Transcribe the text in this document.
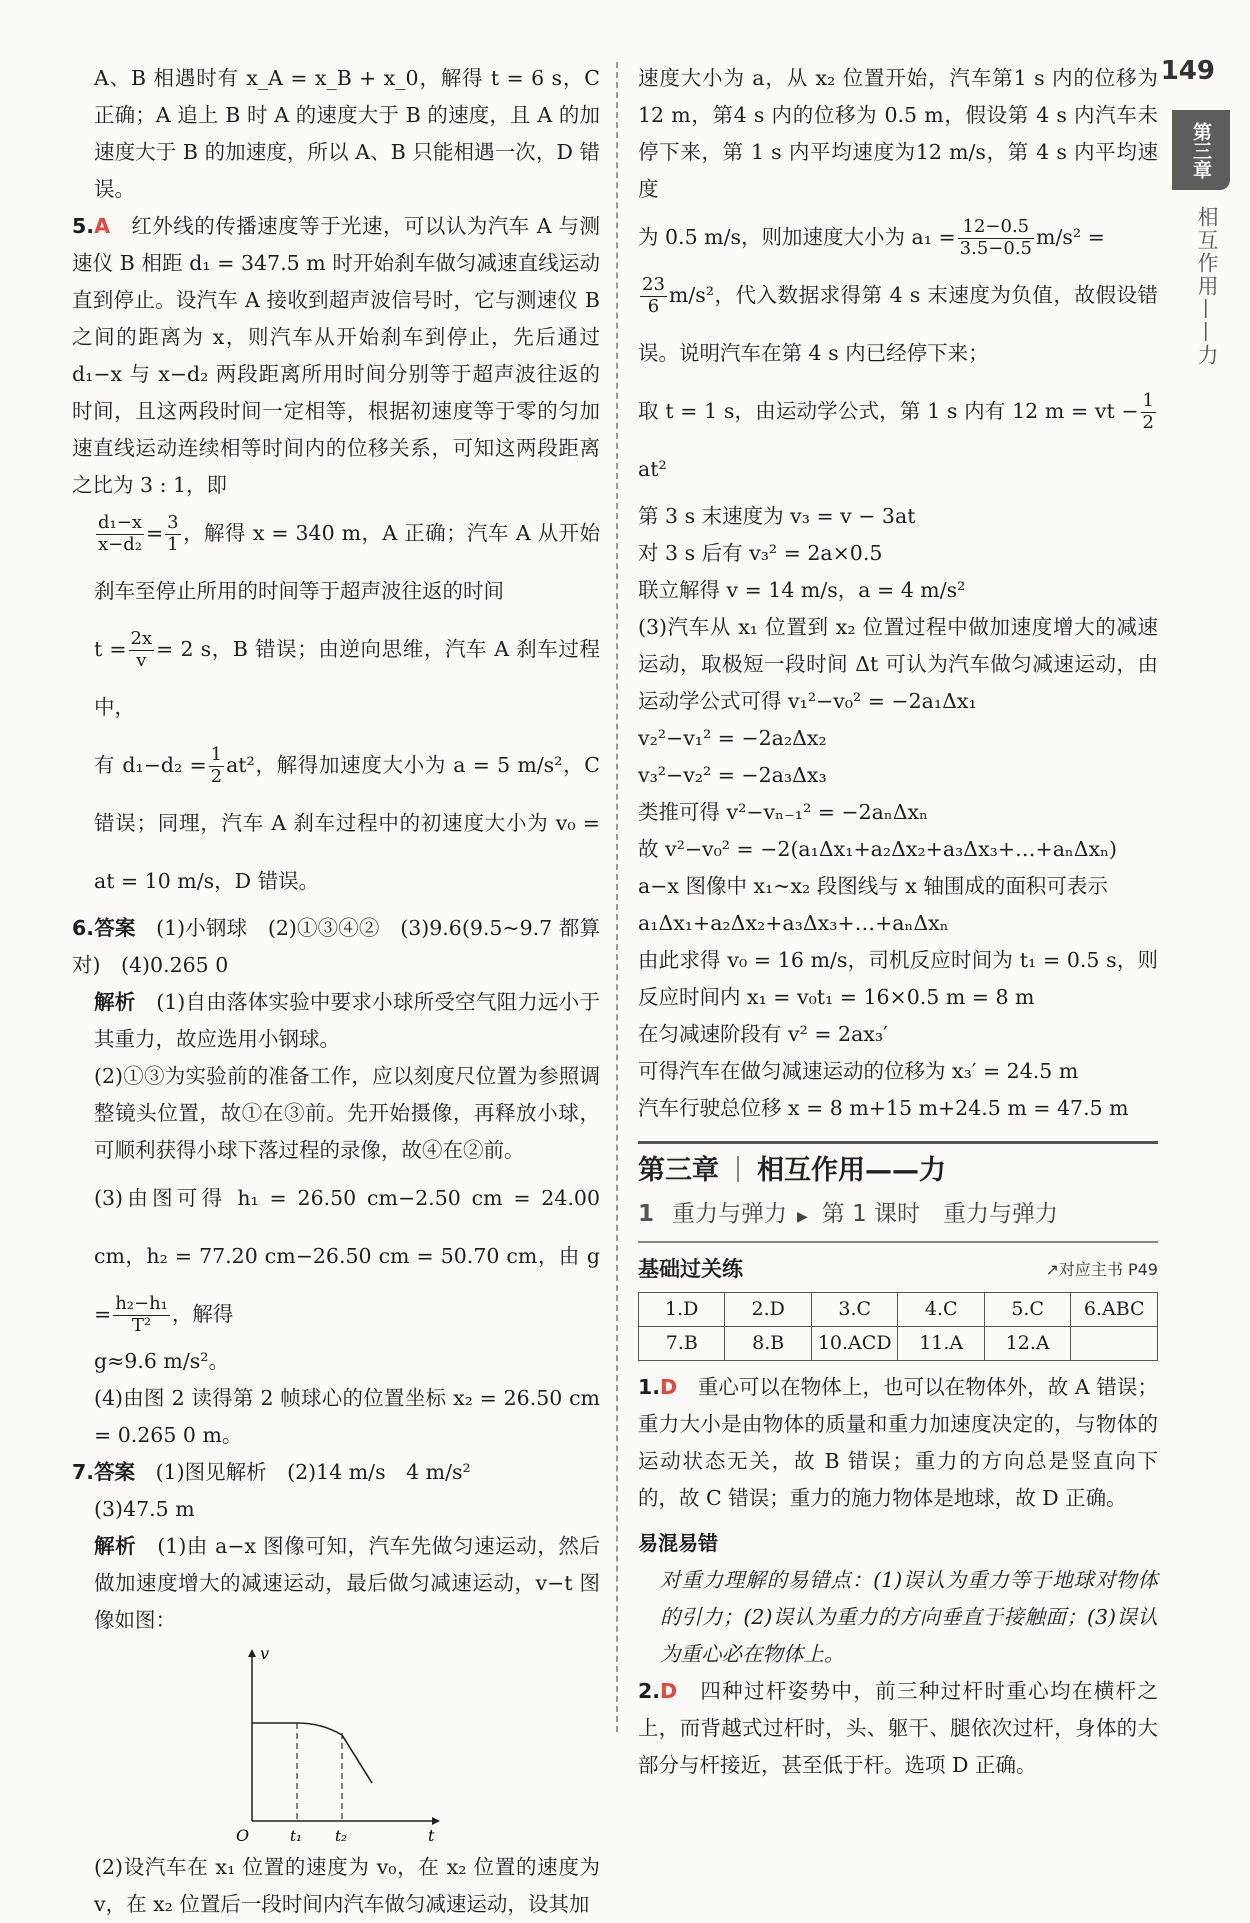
149
第三章
相互作用——力

A、B 相遇时有 x_A = x_B + x_0，解得 t = 6 s，C 正确；A 追上 B 时 A 的速度大于 B 的速度，且 A 的加速度大于 B 的加速度，所以 A、B 只能相遇一次，D 错误。

5.A　 红外线的传播速度等于光速，可以认为汽车 A 与测速仪 B 相距 d₁ = 347.5 m 时开始刹车做匀减速直线运动直到停止。设汽车 A 接收到超声波信号时，它与测速仪 B 之间的距离为 x，则汽车从开始刹车到停止，先后通过 d₁−x 与 x−d₂ 两段距离所用时间分别等于超声波往返的时间，且这两段时间一定相等，根据初速度等于零的匀加速直线运动连续相等时间内的位移关系，可知这两段距离之比为 3 : 1，即

$\frac{\text{d₁−x}}{\text{x−d₂}} = \frac{3}{1}$ ，解得 x = 340 m，A 正确；汽车 A 从开始刹车至停止所用的时间等于超声波往返的时间

$t = \frac{2x}{v} = 2$ s，B 错误；由逆向思维，汽车 A 刹车过程中，

有 $d_1-d_2 = \frac{1}{2} at^2$，解得加速度大小为 a = 5 m/s²，C 错误；同理，汽车 A 刹车过程中的初速度大小为 v₀ = at = 10 m/s，D 错误。

6.答案　 (1)小钢球　(2)①③④②　(3)9.6(9.5~9.7 都算对)　(4)0.265 0

解析　 (1)自由落体实验中要求小球所受空气阻力远小于其重力，故应选用小钢球。

(2)①③为实验前的准备工作，应以刻度尺位置为参照调整镜头位置，故①在③前。先开始摄像，再释放小球，可顺利获得小球下落过程的录像，故④在②前。

(3)由图可得 h₁ = 26.50 cm−2.50 cm = 24.00 cm，h₂ = 77.20 cm−26.50 cm = 50.70 cm，由 $g = \frac{\text{h₂−h₁}}{\text{T²}}$ ，解得

g≈9.6 m/s²。

(4)由图 2 读得第 2 帧球心的位置坐标 x₂ = 26.50 cm = 0.265 0 m。

7.答案　 (1)图见解析　(2)14 m/s　4 m/s²

(3)47.5 m

解析　 (1)由 a−x 图像可知，汽车先做匀速运动，然后做加速度增大的减速运动，最后做匀减速运动，v−t 图像如图：

v
t
O	t₁ t₂

(2)设汽车在 x₁ 位置的速度为 v₀，在 x₂ 位置的速度为 v，在 x₂ 位置后一段时间内汽车做匀减速运动，设其加

速度大小为 a，从 x₂ 位置开始，汽车第1 s 内的位移为 12 m，第4 s 内的位移为 0.5 m，假设第 4 s 内汽车未停下来，第 1 s 内平均速度为12 m/s，第 4 s 内平均速度

为 0.5 m/s，则加速度大小为 $a_1 = \frac{12-0.5}{3.5-0.5} m/s^2$ =

$\frac{23}{6} m/s^2$，代入数据求得第 4 s 末速度为负值，故假设错误。说明汽车在第 4 s 内已经停下来；

取 t = 1 s，由运动学公式，第 1 s 内有 12 m = vt − $\frac{1}{2}$
at²

第 3 s 末速度为 v₃ = v − 3at

对 3 s 后有 v₃² = 2a×0.5

联立解得 v = 14 m/s，a = 4 m/s²

(3)汽车从 x₁ 位置到 x₂ 位置过程中做加速度增大的减速运动，取极短一段时间 Δt 可认为汽车做匀减速运动，由运动学公式可得 v₁²−v₀² = −2a₁Δx₁

v₂²−v₁² = −2a₂Δx₂

v₃²−v₂² = −2a₃Δx₃

类推可得 v²−vₙ₋₁² = −2aₙΔxₙ

故 v²−v₀² = −2(a₁Δx₁+a₂Δx₂+a₃Δx₃+…+aₙΔxₙ)

a−x 图像中 x₁~x₂ 段图线与 x 轴围成的面积可表示

a₁Δx₁+a₂Δx₂+a₃Δx₃+…+aₙΔxₙ

由此求得 v₀ = 16 m/s，司机反应时间为 t₁ = 0.5 s，则反应时间内 x₁ = v₀t₁ = 16×0.5 m = 8 m

在匀减速阶段有 v² = 2ax₃′

可得汽车在做匀减速运动的位移为 x₃′ = 24.5 m

汽车行驶总位移 x = 8 m+15 m+24.5 m = 47.5 m

第三章 相互作用——力
1 重力与弹力 ▶ 第 1 课时　重力与弹力
基础过关练	↗对应主书 P49
1.D	2.D	3.C	4.C	5.C	6.ABC
7.B	8.B	10.ACD	11.A	12.A	

1.D　 重心可以在物体上，也可以在物体外，故 A 错误；重力大小是由物体的质量和重力加速度决定的，与物体的运动状态无关，故 B 错误；重力的方向总是竖直向下的，故 C 错误；重力的施力物体是地球，故 D 正确。

易混易错

对重力理解的易错点：(1)误认为重力等于地球对物体的引力；(2)误认为重力的方向垂直于接触面；(3)误认为重心必在物体上。

2.D　 四种过杆姿势中，前三种过杆时重心均在横杆之上，而背越式过杆时，头、躯干、腿依次过杆，身体的大部分与杆接近，甚至低于杆。选项 D 正确。
